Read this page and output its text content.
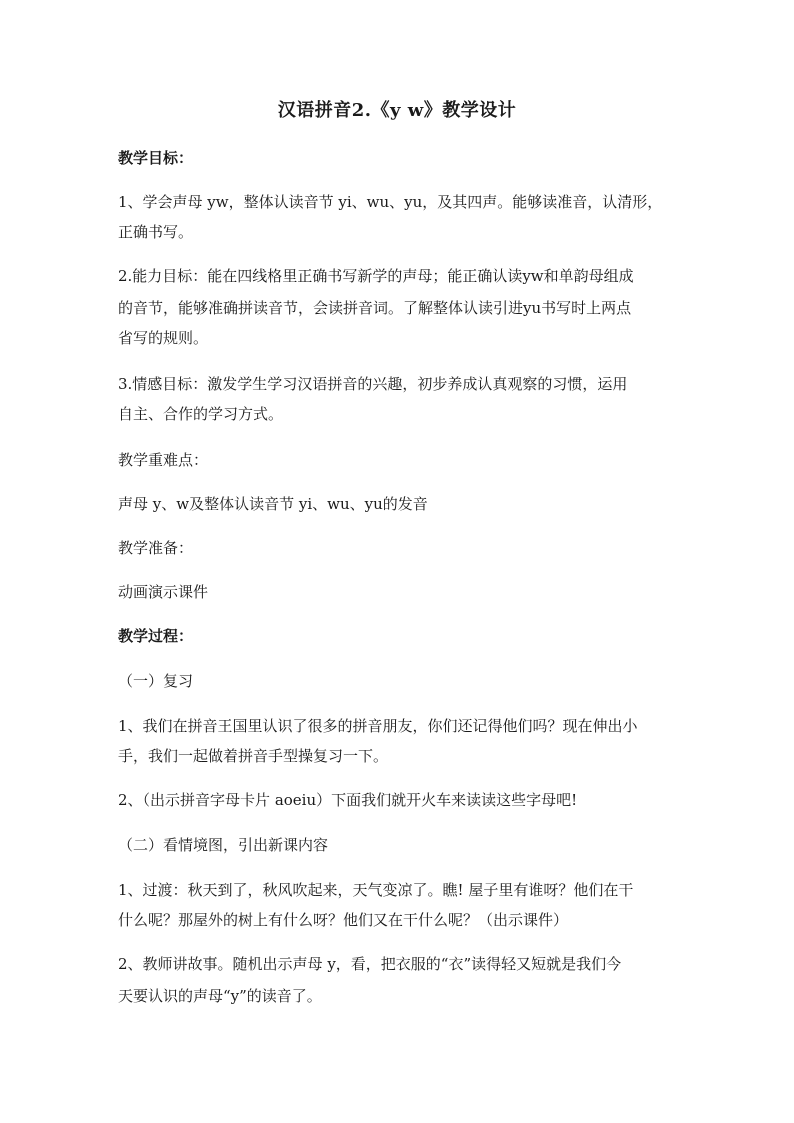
汉语拼音2.《y w》教学设计
教学目标：
1、学会声母 yw，整体认读音节 yi、wu、yu，及其四声。能够读准音，认清形，
正确书写。
2.能力目标：能在四线格里正确书写新学的声母；能正确认读yw和单韵母组成
的音节，能够准确拼读音节，会读拼音词。了解整体认读引进yu书写时上两点
省写的规则。
3.情感目标：激发学生学习汉语拼音的兴趣，初步养成认真观察的习惯，运用
自主、合作的学习方式。
教学重难点：
声母 y、w及整体认读音节 yi、wu、yu的发音
教学准备：
动画演示课件
教学过程：
（一）复习
1、我们在拼音王国里认识了很多的拼音朋友，你们还记得他们吗？现在伸出小
手，我们一起做着拼音手型操复习一下。
2、（出示拼音字母卡片 aoeiu）下面我们就开火车来读读这些字母吧!
（二）看情境图，引出新课内容
1、过渡：秋天到了，秋风吹起来，天气变凉了。瞧! 屋子里有谁呀？他们在干
什么呢？那屋外的树上有什么呀？他们又在干什么呢？（出示课件）
2、教师讲故事。随机出示声母 y，看，把衣服的“衣”读得轻又短就是我们今
天要认识的声母“y”的读音了。
